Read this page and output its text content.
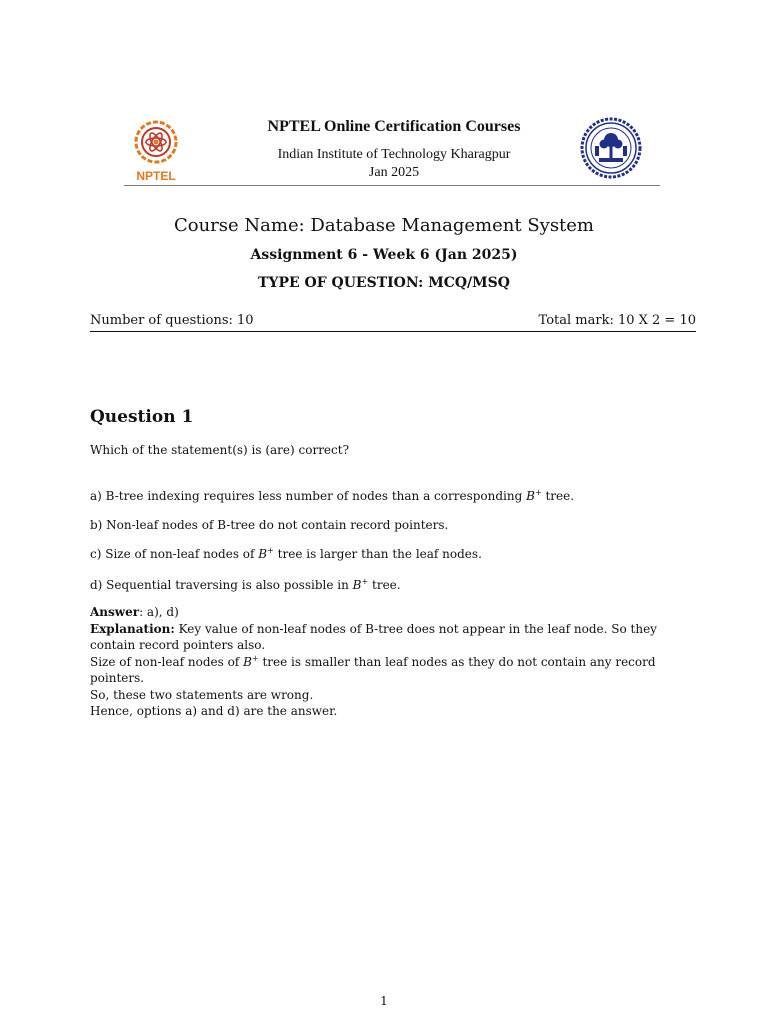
NPTEL
NPTEL Online Certification Courses
Indian Institute of Technology Kharagpur
Jan 2025
Course Name: Database Management System
Assignment 6 - Week 6 (Jan 2025)
TYPE OF QUESTION: MCQ/MSQ
Number of questions: 10	Total mark: 10 X 2 = 10
Question 1
Which of the statement(s) is (are) correct?
a) B-tree indexing requires less number of nodes than a corresponding B+ tree.
b) Non-leaf nodes of B-tree do not contain record pointers.
c) Size of non-leaf nodes of B+ tree is larger than the leaf nodes.
d) Sequential traversing is also possible in B+ tree.
Answer: a), d)
Explanation: Key value of non-leaf nodes of B-tree does not appear in the leaf node. So they contain record pointers also.
Size of non-leaf nodes of B+ tree is smaller than leaf nodes as they do not contain any record pointers.
So, these two statements are wrong.
Hence, options a) and d) are the answer.
1
